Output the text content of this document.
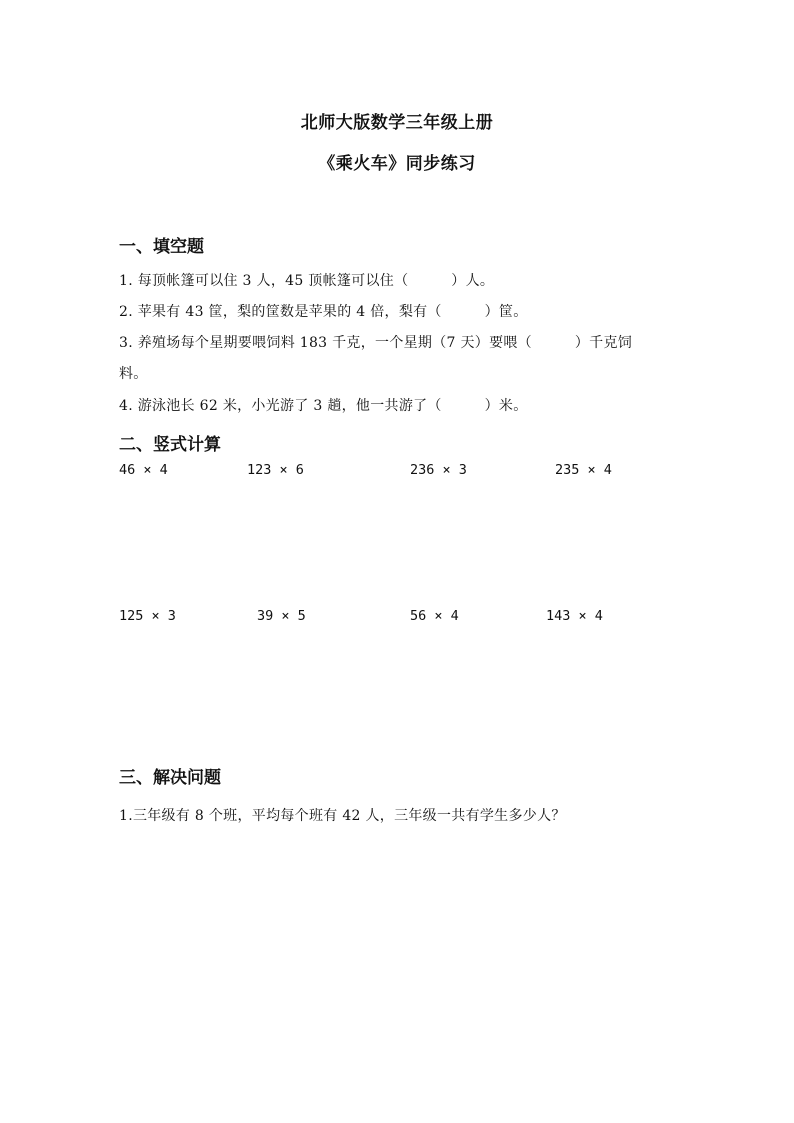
北师大版数学三年级上册
《乘火车》同步练习
一、填空题
1. 每顶帐篷可以住 3 人，45 顶帐篷可以住（　　　）人。
2. 苹果有 43 筐，梨的筐数是苹果的 4 倍，梨有（　　　）筐。
3. 养殖场每个星期要喂饲料 183 千克，一个星期（7 天）要喂（　　　）千克饲
料。
4. 游泳池长 62 米，小光游了 3 趟，他一共游了（　　　）米。
二、竖式计算
46 × 4	123 × 6	236 × 3	235 × 4
125 × 3	39 × 5	56 × 4	143 × 4
三、解决问题
1.三年级有 8 个班，平均每个班有 42 人，三年级一共有学生多少人？
